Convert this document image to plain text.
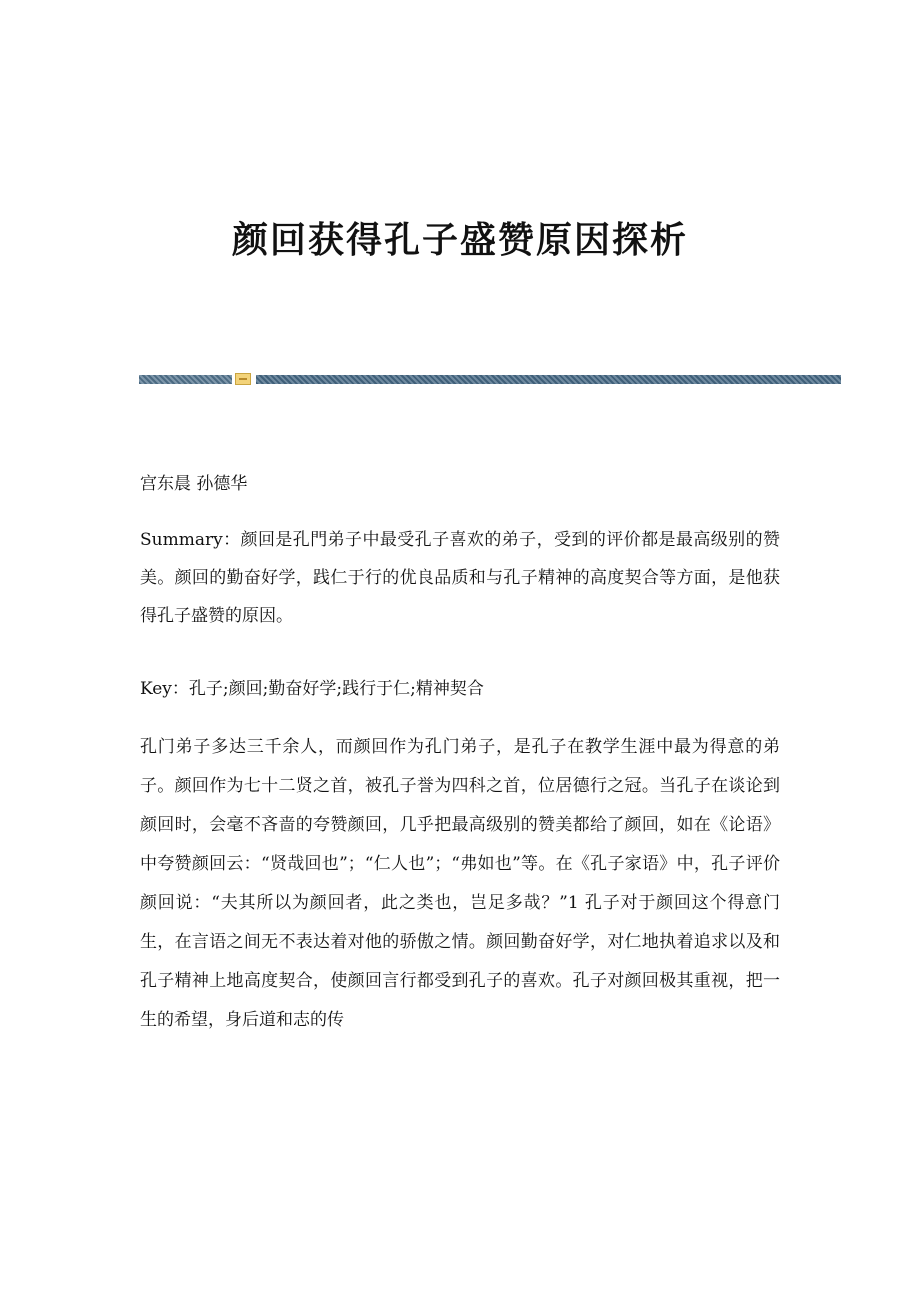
颜回获得孔子盛赞原因探析

宫东晨 孙德华

Summary：颜回是孔門弟子中最受孔子喜欢的弟子，受到的评价都是最高级别的赞美。颜回的勤奋好学，践仁于行的优良品质和与孔子精神的高度契合等方面，是他获得孔子盛赞的原因。

Key：孔子;颜回;勤奋好学;践行于仁;精神契合

孔门弟子多达三千余人，而颜回作为孔门弟子，是孔子在教学生涯中最为得意的弟子。颜回作为七十二贤之首，被孔子誉为四科之首，位居德行之冠。当孔子在谈论到颜回时，会毫不吝啬的夸赞颜回，几乎把最高级别的赞美都给了颜回，如在《论语》中夸赞颜回云：“贤哉回也”；“仁人也”；“弗如也”等。在《孔子家语》中，孔子评价颜回说：“夫其所以为颜回者，此之类也，岂足多哉？”1 孔子对于颜回这个得意门生，在言语之间无不表达着对他的骄傲之情。颜回勤奋好学，对仁地执着追求以及和孔子精神上地高度契合，使颜回言行都受到孔子的喜欢。孔子对颜回极其重视，把一生的希望，身后道和志的传
